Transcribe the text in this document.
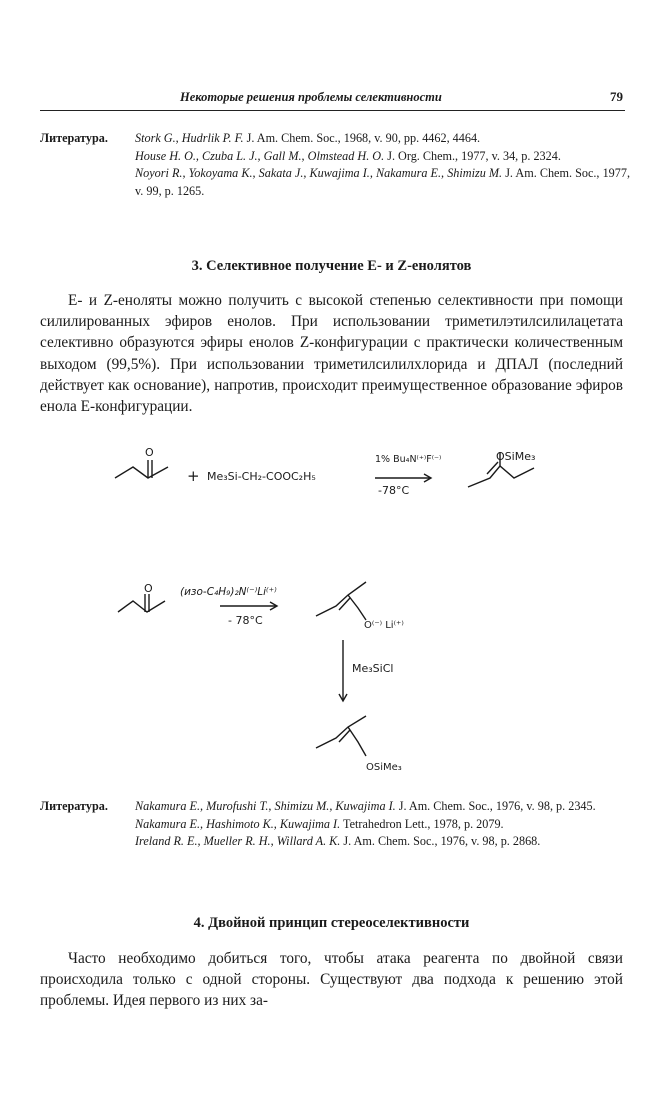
Некоторые решения проблемы селективности	79
Литература. Stork G., Hudrlik P. F. J. Am. Chem. Soc., 1968, v. 90, pp. 4462, 4464.
House H. O., Czuba L. J., Gall M., Olmstead H. O. J. Org. Chem., 1977, v. 34, p. 2324.
Noyori R., Yokoyama K., Sakata J., Kuwajima I., Nakamura E., Shimizu M. J. Am. Chem. Soc., 1977, v. 99, p. 1265.
3. Селективное получение E- и Z-енолятов
E- и Z-еноляты можно получить с высокой степенью селективности при помощи силилированных эфиров енолов. При использовании триметилэтилсилилацетата селективно образуются эфиры енолов Z-конфигурации с практически количественным выходом (99,5%). При использовании триметилсилилхлорида и ДПАЛ (последний действует как основание), напротив, происходит преимущественное образование эфиров енола E-конфигурации.
O
+ Me₃Si-CH₂-COOC₂H₅
1% Bu₄N⁽⁺⁾F⁽⁻⁾
-78°C
OSiMe₃
O	(изо-C₄H₉)₂N⁽⁻⁾Li⁽⁺⁾
- 78°C	O⁽⁻⁾ Li⁽⁺⁾
Me₃SiCl
OSiMe₃
Литература. Nakamura E., Murofushi T., Shimizu M., Kuwajima I. J. Am. Chem. Soc., 1976, v. 98, p. 2345.
Nakamura E., Hashimoto K., Kuwajima I. Tetrahedron Lett., 1978, p. 2079.
Ireland R. E., Mueller R. H., Willard A. K. J. Am. Chem. Soc., 1976, v. 98, p. 2868.
4. Двойной принцип стереоселективности
Часто необходимо добиться того, чтобы атака реагента по двойной связи происходила только с одной стороны. Существуют два подхода к решению этой проблемы. Идея первого из них за-
